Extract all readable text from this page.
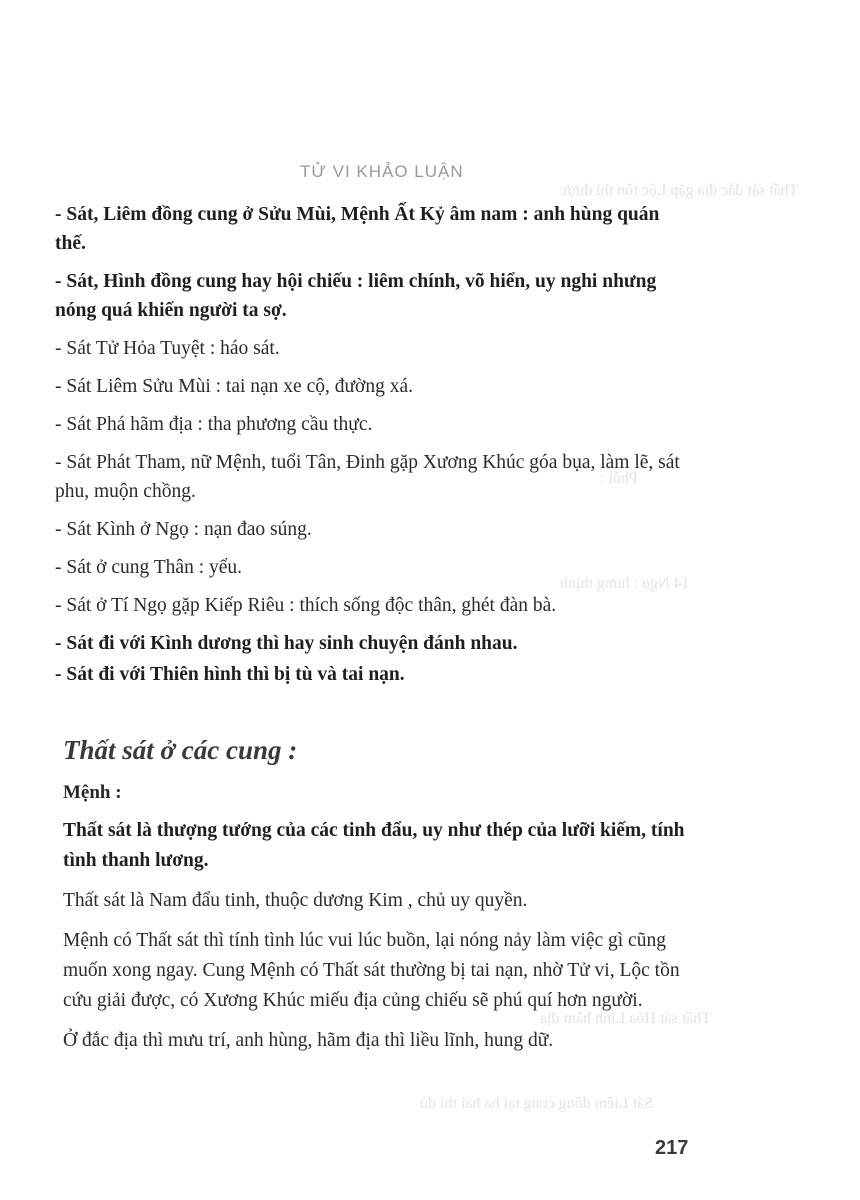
Thất sát đắc địa gặp Lộc tồn thì được
Phối :
14 Ngọ : hưng thịnh
Thất sát Hỏa Linh hãm địa
Sát Liêm đồng cung tại ba hai thì đủ
TỬ VI KHẢO LUẬN

- Sát, Liêm đồng cung ở Sửu Mùi, Mệnh Ất Kỷ âm nam : anh hùng quán thế.

- Sát, Hình đồng cung hay hội chiếu : liêm chính, võ hiển, uy nghi nhưng nóng quá khiến người ta sợ.

- Sát Tử Hỏa Tuyệt : háo sát.

- Sát Liêm Sửu Mùi : tai nạn xe cộ, đường xá.

- Sát Phá hãm địa : tha phương cầu thực.

- Sát Phát Tham, nữ Mệnh, tuổi Tân, Đinh gặp Xương Khúc góa bụa, làm lẽ, sát phu, muộn chồng.

- Sát Kình ở Ngọ : nạn đao súng.

- Sát ở cung Thân : yểu.

- Sát ở Tí Ngọ gặp Kiếp Riêu : thích sống độc thân, ghét đàn bà.

- Sát đi với Kình dương thì hay sinh chuyện đánh nhau.

- Sát đi với Thiên hình thì bị tù và tai nạn.

Thất sát ở các cung :
Mệnh :

Thất sát là thượng tướng của các tinh đẩu, uy như thép của lưỡi kiếm, tính tình thanh lương.

Thất sát là Nam đẩu tinh, thuộc dương Kim , chủ uy quyền.

Mệnh có Thất sát thì tính tình lúc vui lúc buồn, lại nóng nảy làm việc gì cũng muốn xong ngay. Cung Mệnh có Thất sát thường bị tai nạn, nhờ Tử vi, Lộc tồn cứu giải được, có Xương Khúc miếu địa củng chiếu sẽ phú quí hơn người.

Ở đắc địa thì mưu trí, anh hùng, hãm địa thì liều lĩnh, hung dữ.

217
